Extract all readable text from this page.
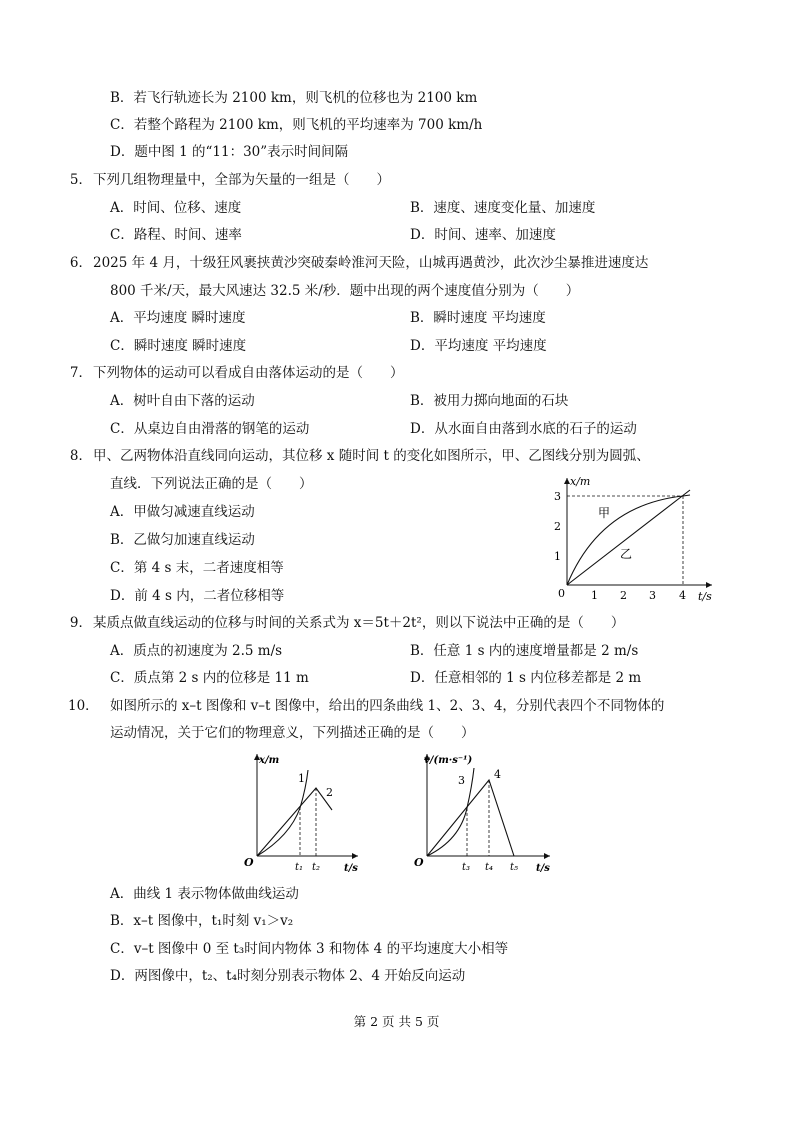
B．若飞行轨迹长为 2100 km，则飞机的位移也为 2100 km
C．若整个路程为 2100 km，则飞机的平均速率为 700 km/h
D．题中图 1 的“11：30”表示时间间隔
5． 下列几组物理量中，全部为矢量的一组是（　　）
A．时间、位移、速度	B．速度、速度变化量、加速度
C．路程、时间、速率	D．时间、速率、加速度
6． 2025 年 4 月，十级狂风裹挟黄沙突破秦岭淮河天险，山城再遇黄沙，此次沙尘暴推进速度达
800 千米/天，最大风速达 32.5 米/秒．题中出现的两个速度值分别为（　　）
A．平均速度 瞬时速度	B．瞬时速度 平均速度
C．瞬时速度 瞬时速度	D．平均速度 平均速度
7． 下列物体的运动可以看成自由落体运动的是（　　）
A．树叶自由下落的运动	B．被用力掷向地面的石块
C．从桌边自由滑落的钢笔的运动	D．从水面自由落到水底的石子的运动
8． 甲、乙两物体沿直线同向运动，其位移 x 随时间 t 的变化如图所示，甲、乙图线分别为圆弧、
直线．下列说法正确的是（　　）
A．甲做匀减速直线运动
B．乙做匀加速直线运动
C．第 4 s 末，二者速度相等
D．前 4 s 内，二者位移相等
x/m
t/s
0 1 2 3 4
1
2
3
甲
乙
9． 某质点做直线运动的位移与时间的关系式为 x＝5t＋2t²，则以下说法中正确的是（　　）
A．质点的初速度为 2.5 m/s	B．任意 1 s 内的速度增量都是 2 m/s
C．质点第 2 s 内的位移是 11 m	D．任意相邻的 1 s 内位移差都是 2 m
10． 如图所示的 x–t 图像和 v–t 图像中，给出的四条曲线 1、2、3、4，分别代表四个不同物体的
运动情况，关于它们的物理意义，下列描述正确的是（　　）
x/m
t/s
O	t₁ t₂
1
2
v/(m·s⁻¹)
t/s
O	t₃ t₄ t₅
3	4
A．曲线 1 表示物体做曲线运动
B．x–t 图像中，t₁时刻 v₁＞v₂
C．v–t 图像中 0 至 t₃时间内物体 3 和物体 4 的平均速度大小相等
D．两图像中，t₂、t₄时刻分别表示物体 2、4 开始反向运动
第 2 页 共 5 页
